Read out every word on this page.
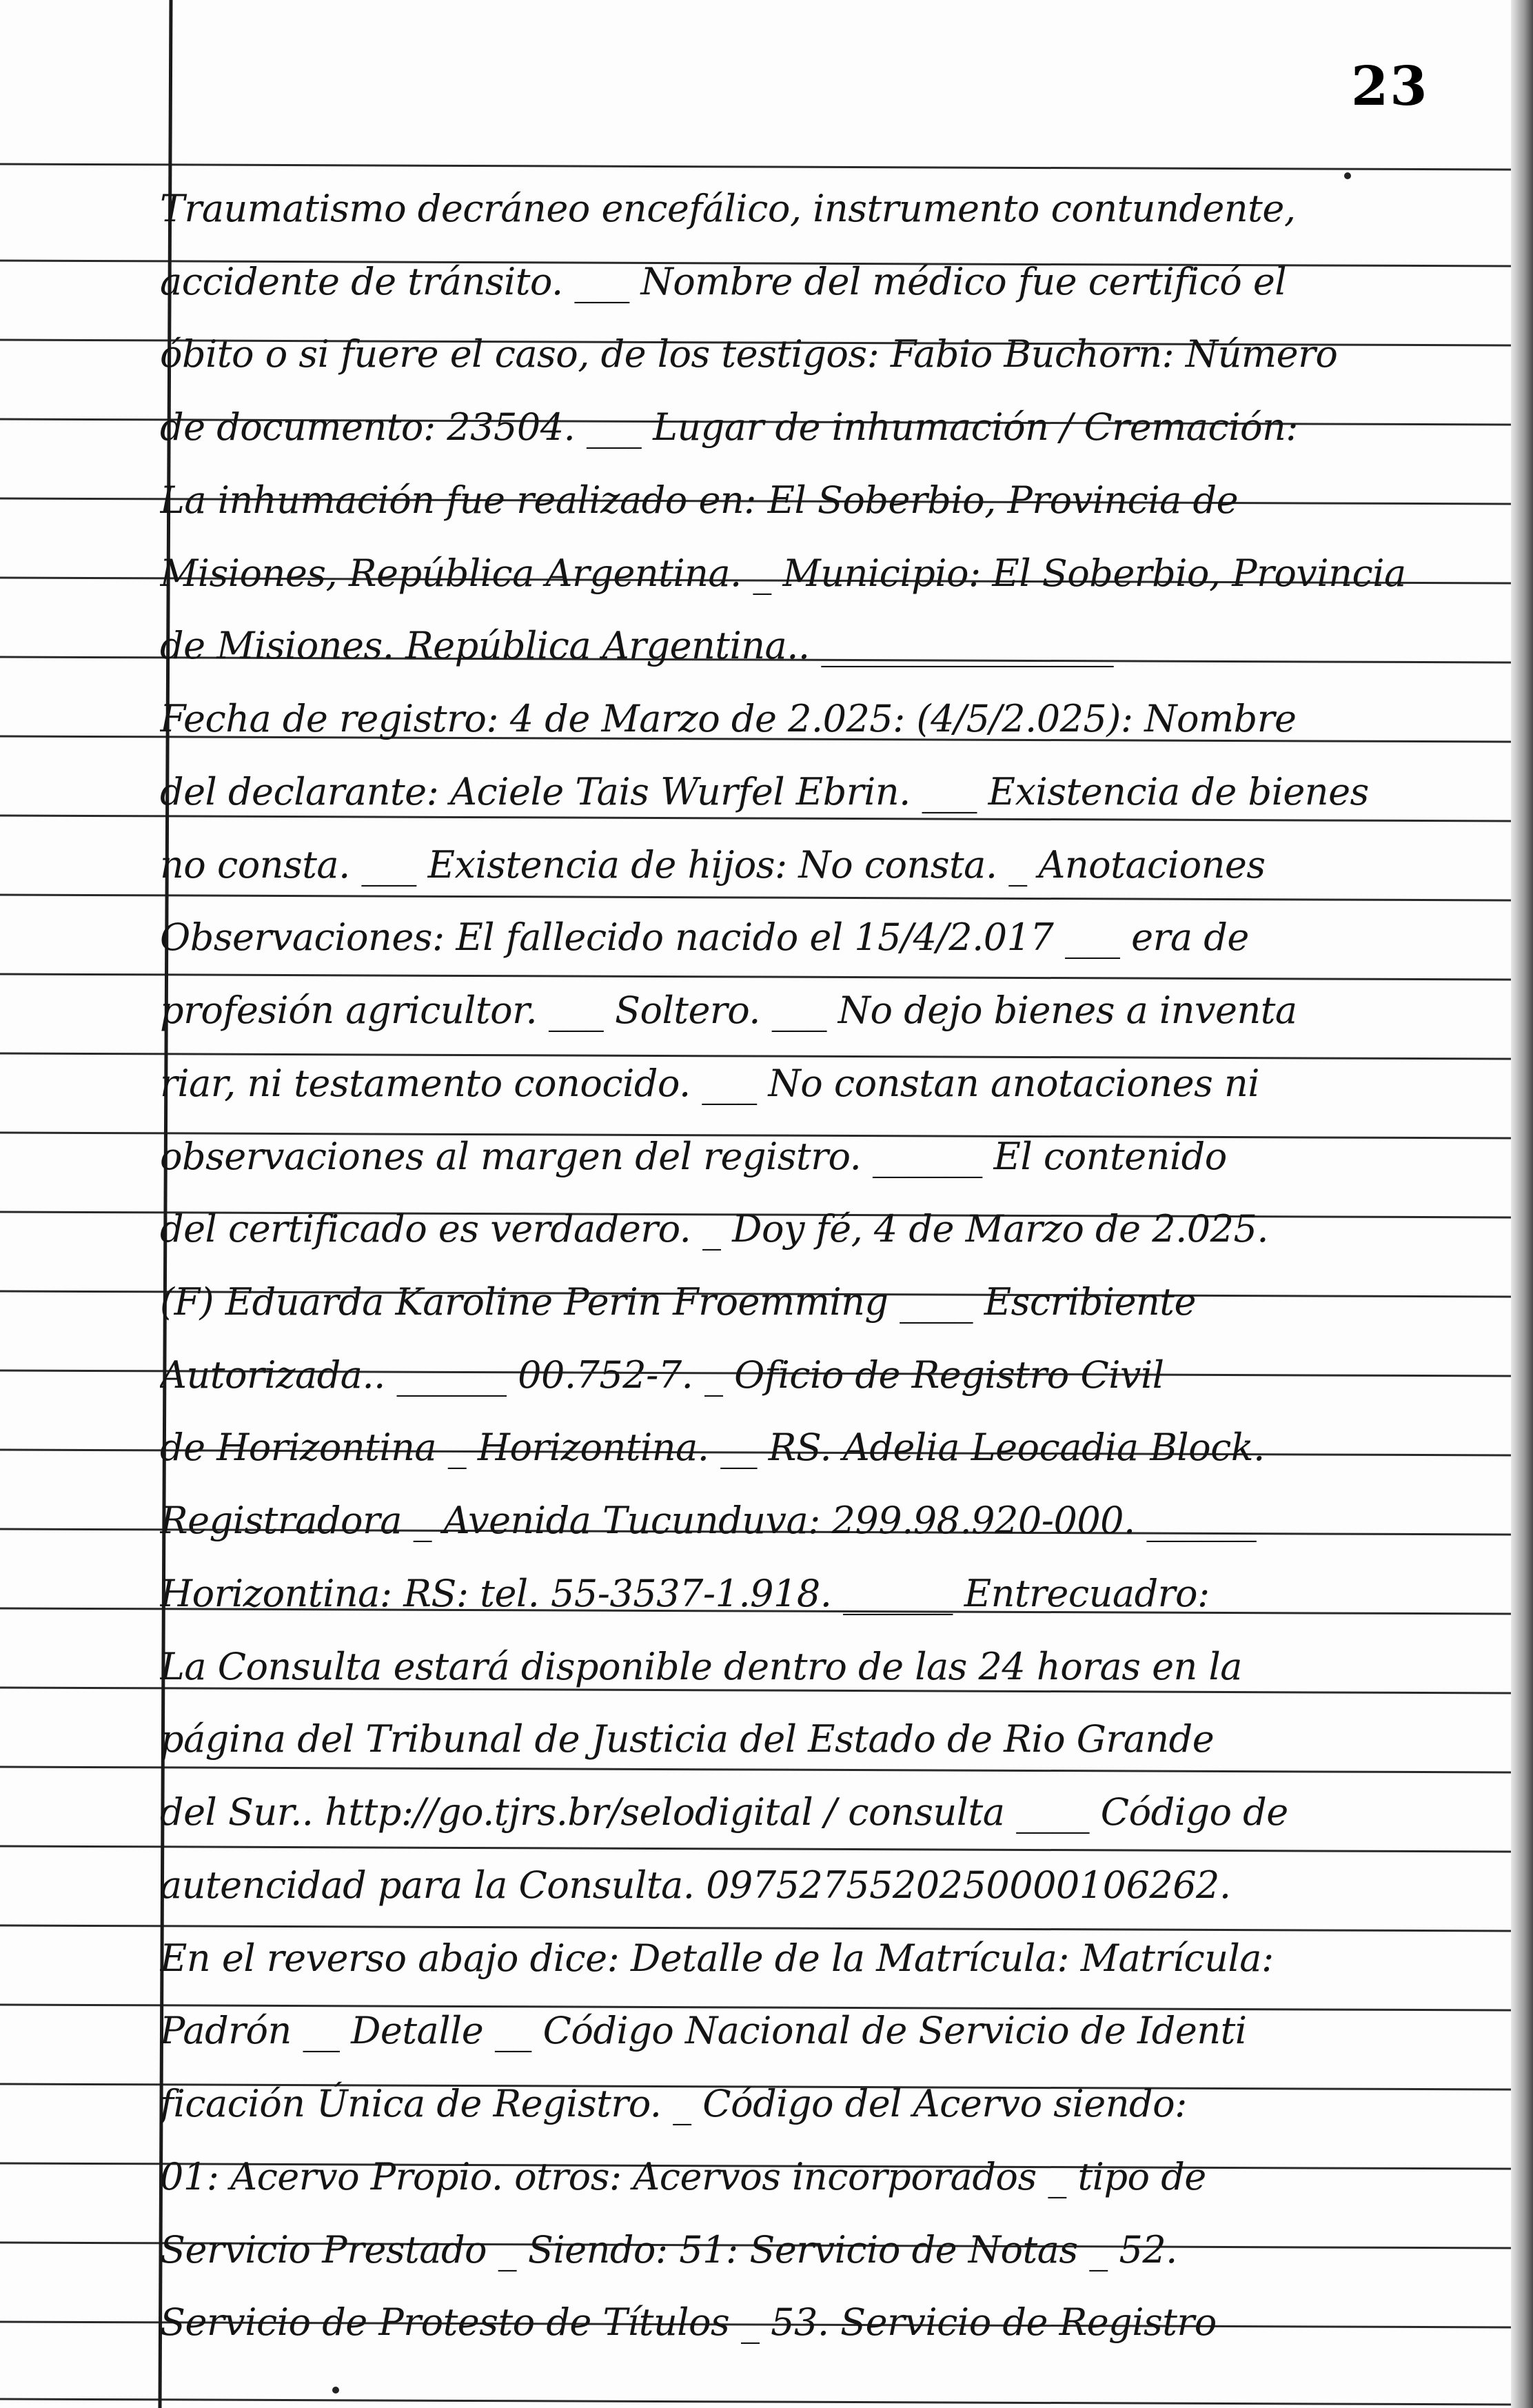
23
Traumatismo decráneo encefálico, instrumento contundente,
accidente de tránsito. ___ Nombre del médico fue certificó el
óbito o si fuere el caso, de los testigos: Fabio Buchorn: Número
de documento: 23504. ___ Lugar de inhumación / Cremación:
La inhumación fue realizado en: El Soberbio, Provincia de
Misiones, República Argentina. _ Municipio: El Soberbio, Provincia
de Misiones. República Argentina.. ________________
Fecha de registro: 4 de Marzo de 2.025: (4/5/2.025): Nombre
del declarante: Aciele Tais Wurfel Ebrin. ___ Existencia de bienes
no consta. ___ Existencia de hijos: No consta. _ Anotaciones
Observaciones: El fallecido nacido el 15/4/2.017 ___ era de
profesión agricultor. ___ Soltero. ___ No dejo bienes a inventa
riar, ni testamento conocido. ___ No constan anotaciones ni
observaciones al margen del registro. ______ El contenido
del certificado es verdadero. _ Doy fé, 4 de Marzo de 2.025.
(F) Eduarda Karoline Perin Froemming ____ Escribiente
Autorizada.. ______ 00.752-7. _ Oficio de Registro Civil
de Horizontina _ Horizontina. __ RS. Adelia Leocadia Block.
Registradora _ Avenida Tucunduva: 299.98.920-000. ______
Horizontina: RS: tel. 55-3537-1.918. ______ Entrecuadro:
La Consulta estará disponible dentro de las 24 horas en la
página del Tribunal de Justicia del Estado de Rio Grande
del Sur.. http://go.tjrs.br/selodigital / consulta ____ Código de
autencidad para la Consulta. 0975275520250000106262.
En el reverso abajo dice: Detalle de la Matrícula: Matrícula:
Padrón __ Detalle __ Código Nacional de Servicio de Identi
ficación Única de Registro. _ Código del Acervo siendo:
01: Acervo Propio. otros: Acervos incorporados _ tipo de
Servicio Prestado _ Siendo: 51: Servicio de Notas _ 52.
Servicio de Protesto de Títulos _ 53. Servicio de Registro
